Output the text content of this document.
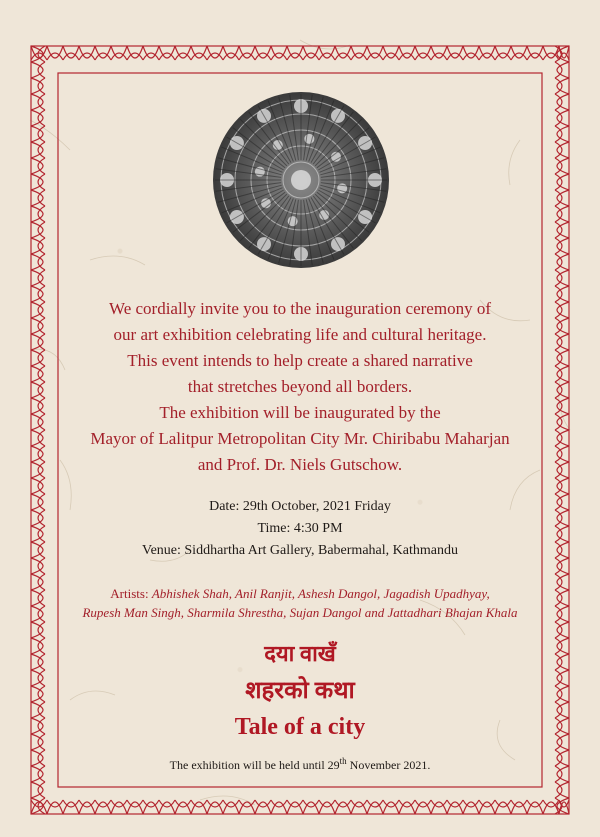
We cordially invite you to the inauguration ceremony of
our art exhibition celebrating life and cultural heritage.
This event intends to help create a shared narrative
that stretches beyond all borders.
The exhibition will be inaugurated by the
Mayor of Lalitpur Metropolitan City Mr. Chiribabu Maharjan
and Prof. Dr. Niels Gutschow.
Date: 29th October, 2021 Friday
Time: 4:30 PM
Venue: Siddhartha Art Gallery, Babermahal, Kathmandu
Artists: Abhishek Shah, Anil Ranjit, Ashesh Dangol, Jagadish Upadhyay,
Rupesh Man Singh, Sharmila Shrestha, Sujan Dangol and Jattadhari Bhajan Khala
दया वाखँ
शहरको कथा
Tale of a city
The exhibition will be held until 29th November 2021.
